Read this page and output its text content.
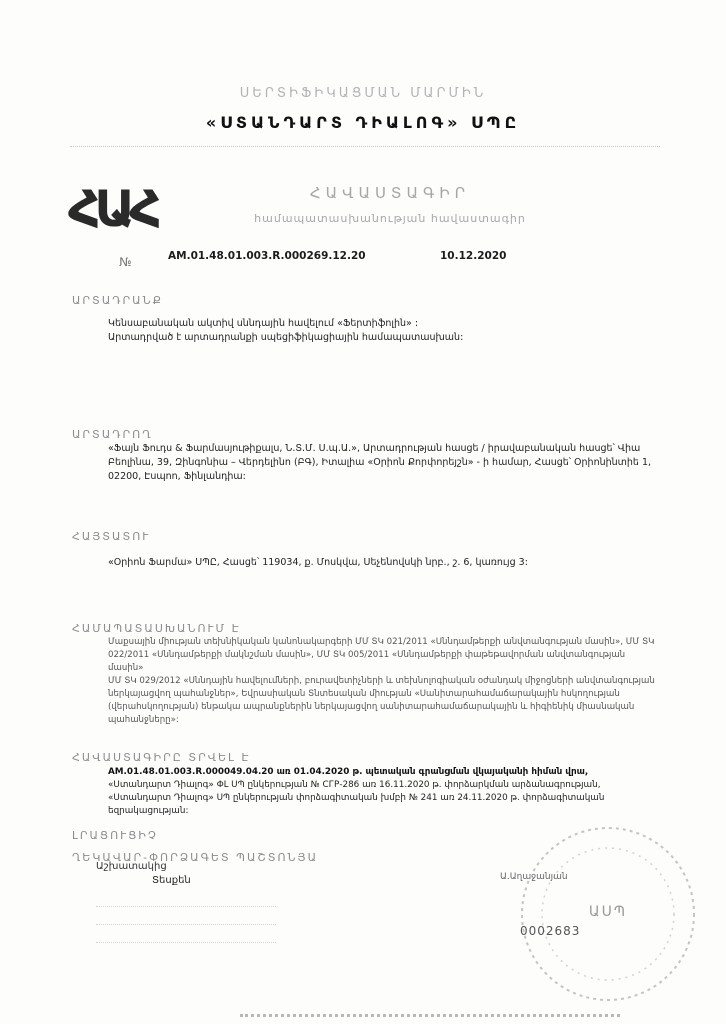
ՍԵՐՏԻՖԻԿԱՑՄԱՆ ՄԱՐՄԻՆ
«ՍՏԱՆԴԱՐՏ ԴԻԱԼՈԳ» ՍՊԸ
ՀԱՀ	ՀԱՎԱՍՏԱԳԻՐ
համապատասխանության հավաստագիր
№	AM.01.48.01.003.R.000269.12.20	10.12.2020
ԱՐՏԱԴՐԱՆՔ
Կենսաբանական ակտիվ սննդային հավելում «Ֆերտիֆոլին» :
Արտադրված է արտադրանքի սպեցիֆիկացիային համապատասխան:
ԱՐՏԱԴՐՈՂ
«Ֆայն Ֆուդս & Ֆարմասյութիքալս, Ն.Տ.Մ. Ս.պ.Ա.», Արտադրության հասցե / իրավաբանական հասցե՝ Վիա
Բեոլինա, 39, Զինգոնիա – Վերդելինո (ԲԳ), Իտալիա «Օրիոն Քորփորեյշն» - ի համար, Հասցե՝ Օրիոնինտիե 1,
02200, Էսպոո, Ֆինլանդիա:
ՀԱՅՏԱՏՈՒ
«Օրիոն Ֆարմա» ՍՊԸ, Հասցե՝ 119034, ք. Մոսկվա, Սեչենովսկի նրբ., շ. 6, կառույց 3:
ՀԱՄԱՊԱՏԱՍԽԱՆՈՒՄ Է
Մաքսային միության տեխնիկական կանոնակարգերի ՄՄ ՏԿ 021/2011 «Սննդամթերքի անվտանգության մասին», ՄՄ ՏԿ
022/2011 «Սննդամթերքի մակնշման մասին», ՄՄ ՏԿ 005/2011 «Սննդամթերքի փաթեթավորման անվտանգության մասին»
ՄՄ ՏԿ 029/2012 «Սննդային հավելումների, բուրավետիչների և տեխնոլոգիական օժանդակ միջոցների անվտանգության
ներկայացվող պահանջներ», Եվրասիական Տնտեսական միության «Սանիտարահամաճարակային հսկողության
(վերահսկողության) ենթակա ապրանքներին ներկայացվող սանիտարահամաճարակային և հիգիենիկ միասնական
պահանջները»:
ՀԱՎԱՍՏԱԳԻՐԸ ՏՐՎԵԼ Է
AM.01.48.01.003.R.000049.04.20 առ 01.04.2020 թ. պետական գրանցման վկայականի հիման վրա,
«Ստանդարտ Դիալոգ» ՓԼ ՍՊ ընկերության № СГР-286 առ 16.11.2020 թ. փորձարկման արձանագրության,
«Ստանդարտ Դիալոգ» ՍՊ ընկերության փորձագիտական խմբի № 241 առ 24.11.2020 թ. փորձագիտական
եզրակացության:
ԼՐԱՑՈՒՑԻՉ
ՂԵԿԱՎԱՐ-ՓՈՐՁԱԳԵՏ ՊԱՇՏՈՆՅԱ
Աշխատակից
Տեսքեն	Ա.Աղաջանյան
ԱՍՊ
0002683
